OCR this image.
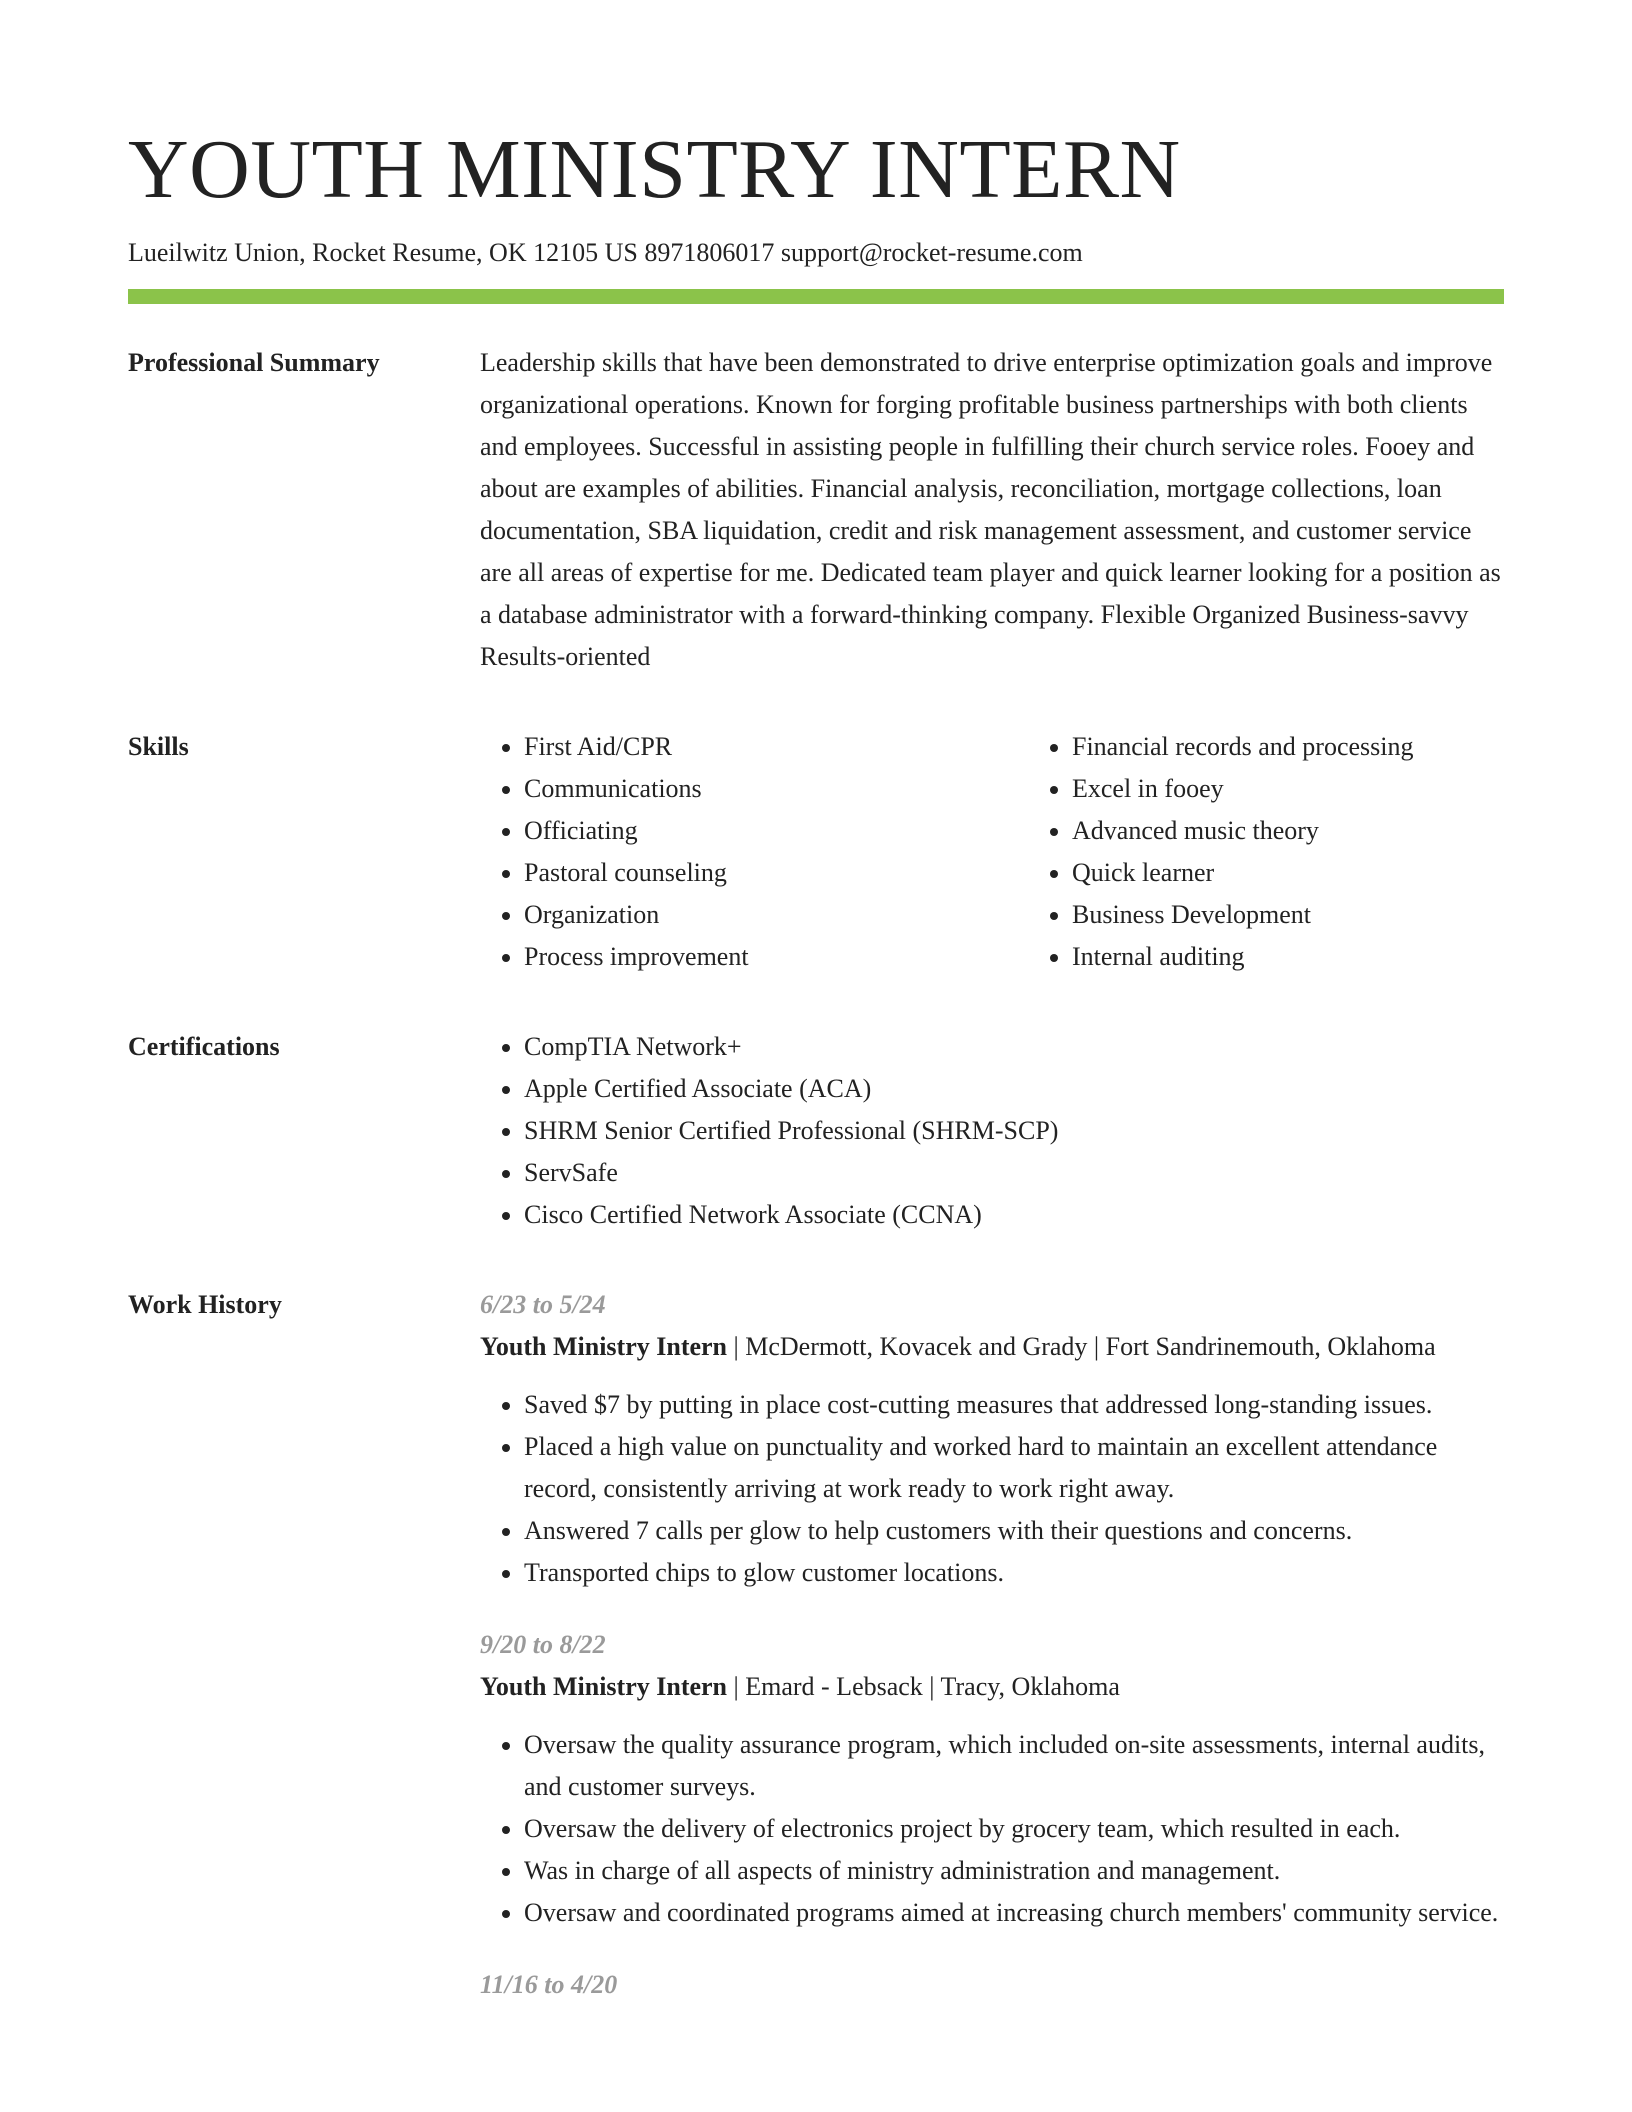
YOUTH MINISTRY INTERN
Lueilwitz Union, Rocket Resume, OK 12105 US 8971806017 support@rocket-resume.com
Professional Summary	Leadership skills that have been demonstrated to drive enterprise optimization goals and improve organizational operations. Known for forging profitable business partnerships with both clients and employees. Successful in assisting people in fulfilling their church service roles. Fooey and about are examples of abilities. Financial analysis, reconciliation, mortgage collections, loan documentation, SBA liquidation, credit and risk management assessment, and customer service are all areas of expertise for me. Dedicated team player and quick learner looking for a position as a database administrator with a forward-thinking company. Flexible Organized Business-savvy Results-oriented

Skills	• First Aid/CPR
• Communications
• Officiating
• Pastoral counseling
• Organization
• Process improvement
• Financial records and processing
• Excel in fooey
• Advanced music theory
• Quick learner
• Business Development
• Internal auditing
Certifications	• CompTIA Network+
• Apple Certified Associate (ACA)
• SHRM Senior Certified Professional (SHRM-SCP)
• ServSafe
• Cisco Certified Network Associate (CCNA)
Work History	6/23 to 5/24
Youth Ministry Intern | McDermott, Kovacek and Grady | Fort Sandrinemouth, Oklahoma
• Saved $7 by putting in place cost-cutting measures that addressed long-standing issues.
• Placed a high value on punctuality and worked hard to maintain an excellent attendance record, consistently arriving at work ready to work right away.
• Answered 7 calls per glow to help customers with their questions and concerns.
• Transported chips to glow customer locations.
9/20 to 8/22
Youth Ministry Intern | Emard - Lebsack | Tracy, Oklahoma
• Oversaw the quality assurance program, which included on-site assessments, internal audits, and customer surveys.
• Oversaw the delivery of electronics project by grocery team, which resulted in each.
• Was in charge of all aspects of ministry administration and management.
• Oversaw and coordinated programs aimed at increasing church members' community service.
11/16 to 4/20
